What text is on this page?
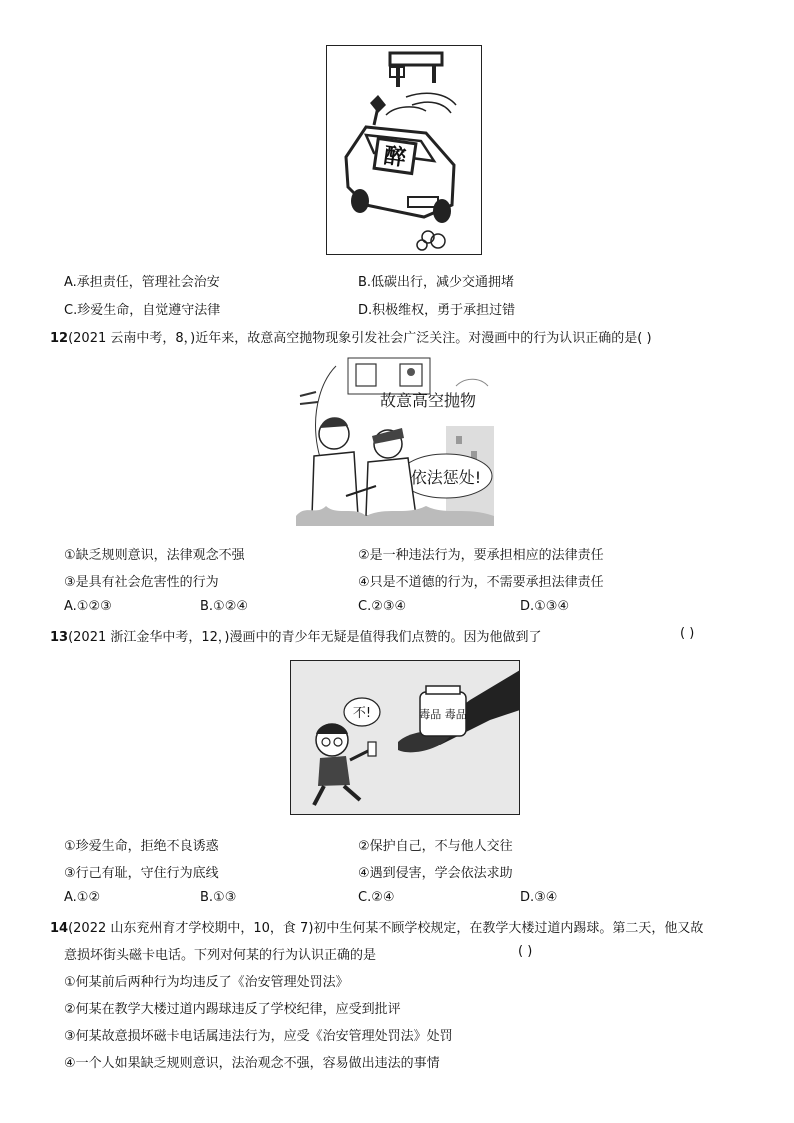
醉
A.承担责任，管理社会治安	B.低碳出行，减少交通拥堵
C.珍爱生命，自觉遵守法律	D.积极维权，勇于承担过错
12(2021 云南中考，8，)近年来，故意高空抛物现象引发社会广泛关注。对漫画中的行为认识正确的是( )
故意高空抛物
依法惩处!
①缺乏规则意识，法律观念不强	②是一种违法行为，要承担相应的法律责任
③是具有社会危害性的行为	④只是不道德的行为，不需要承担法律责任
A.①②③	B.①②④	C.②③④	D.①③④
13(2021 浙江金华中考，12，)漫画中的青少年无疑是值得我们点赞的。因为他做到了	( )
毒品 毒品
不!
①珍爱生命，拒绝不良诱惑	②保护自己，不与他人交往
③行己有耻，守住行为底线	④遇到侵害，学会依法求助
A.①②	B.①③	C.②④	D.③④
14(2022 山东兖州育才学校期中，10，食 7)初中生何某不顾学校规定，在教学大楼过道内踢球。第二天，他又故
意损坏街头磁卡电话。下列对何某的行为认识正确的是	( )
①何某前后两种行为均违反了《治安管理处罚法》
②何某在教学大楼过道内踢球违反了学校纪律，应受到批评
③何某故意损坏磁卡电话属违法行为，应受《治安管理处罚法》处罚
④一个人如果缺乏规则意识，法治观念不强，容易做出违法的事情
